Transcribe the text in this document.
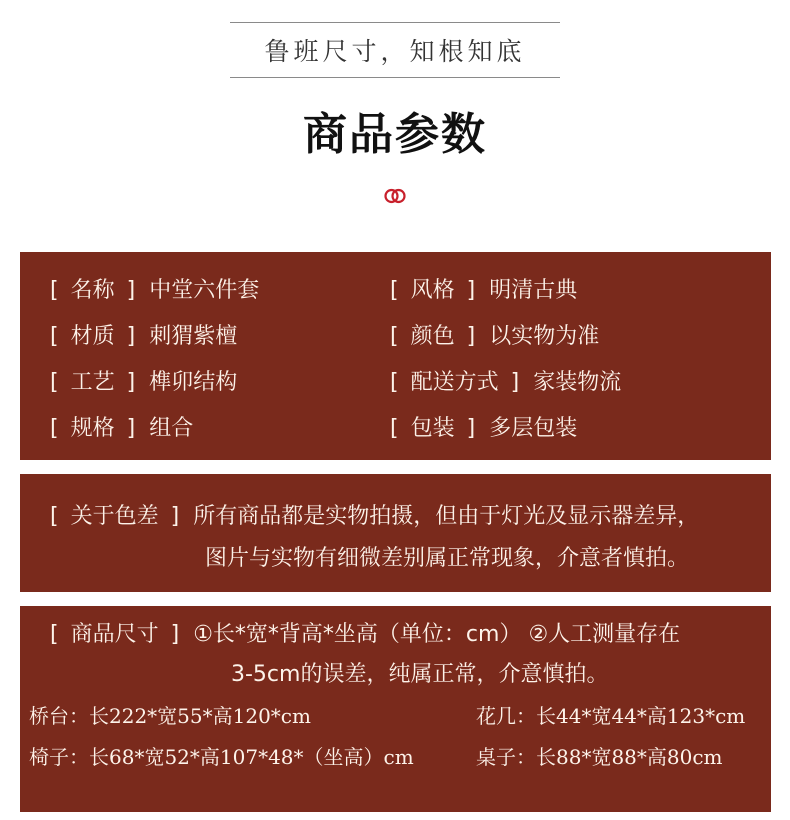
鲁班尺寸，知根知底
商品参数
[ 名称 ] 中堂六件套	[ 风格 ] 明清古典
[ 材质 ] 刺猬紫檀	[ 颜色 ] 以实物为准
[ 工艺 ] 榫卯结构	[ 配送方式 ] 家装物流
[ 规格 ] 组合	[ 包装 ] 多层包装
[ 关于色差 ] 所有商品都是实物拍摄，但由于灯光及显示器差异，
图片与实物有细微差别属正常现象，介意者慎拍。
[ 商品尺寸 ] ①长*宽*背高*坐高（单位：cm） ②人工测量存在
3-5cm的误差，纯属正常，介意慎拍。
桥台：长222*宽55*高120*cm	花几：长44*宽44*高123*cm
椅子：长68*宽52*高107*48*（坐高）cm	桌子：长88*宽88*高80cm
